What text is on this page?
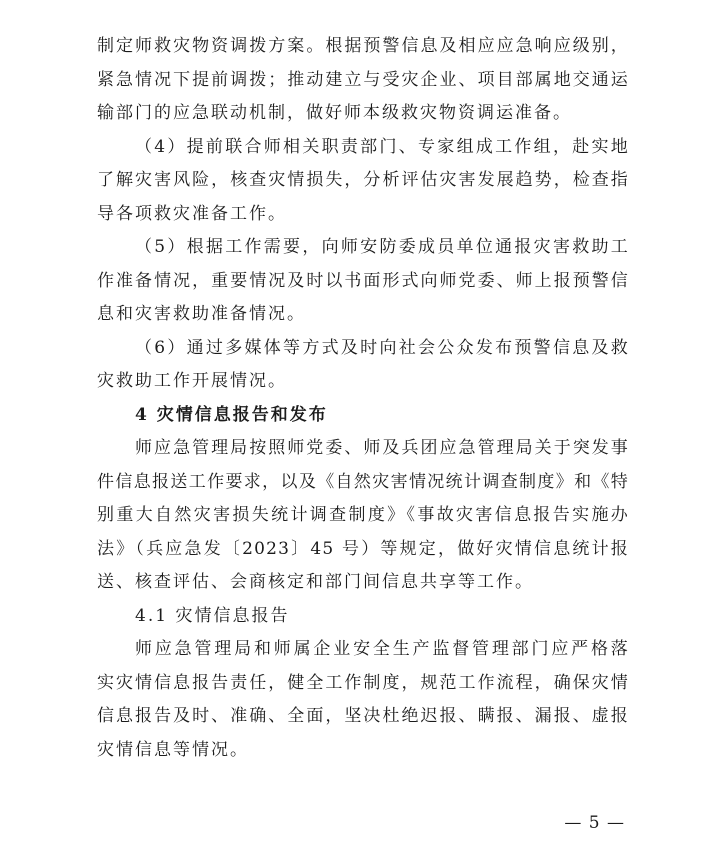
制定师救灾物资调拨方案。根据预警信息及相应应急响应级别，
紧急情况下提前调拨；推动建立与受灾企业、项目部属地交通运
输部门的应急联动机制，做好师本级救灾物资调运准备。
（4）提前联合师相关职责部门、专家组成工作组，赴实地
了解灾害风险，核查灾情损失，分析评估灾害发展趋势，检查指
导各项救灾准备工作。
（5）根据工作需要，向师安防委成员单位通报灾害救助工
作准备情况，重要情况及时以书面形式向师党委、师上报预警信
息和灾害救助准备情况。
（6）通过多媒体等方式及时向社会公众发布预警信息及救
灾救助工作开展情况。
4 灾情信息报告和发布
师应急管理局按照师党委、师及兵团应急管理局关于突发事
件信息报送工作要求，以及《自然灾害情况统计调查制度》和《特
别重大自然灾害损失统计调查制度》《事故灾害信息报告实施办
法》（兵应急发〔2023〕45 号）等规定，做好灾情信息统计报
送、核查评估、会商核定和部门间信息共享等工作。
4.1 灾情信息报告
师应急管理局和师属企业安全生产监督管理部门应严格落
实灾情信息报告责任，健全工作制度，规范工作流程，确保灾情
信息报告及时、准确、全面，坚决杜绝迟报、瞒报、漏报、虚报
灾情信息等情况。
— 5 —
